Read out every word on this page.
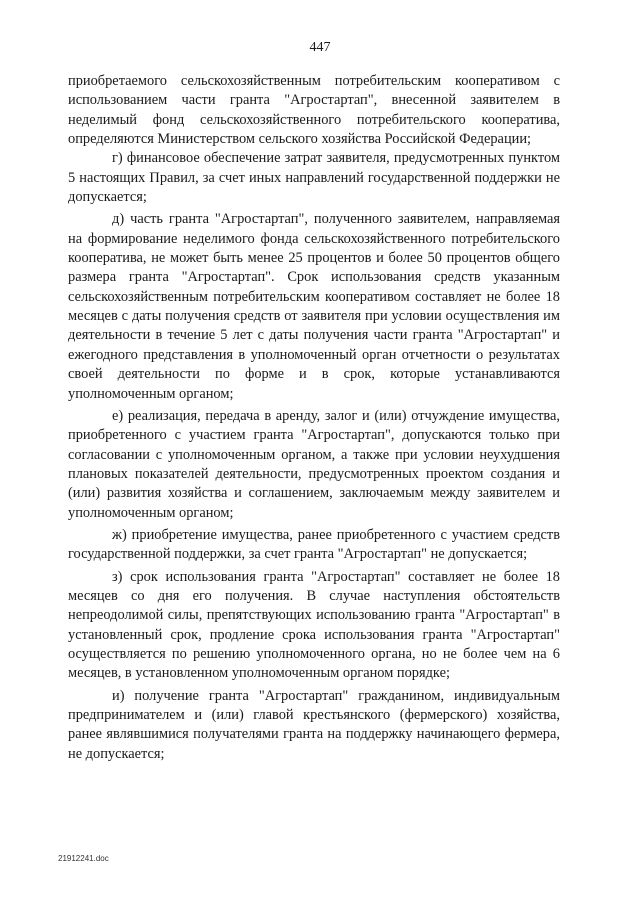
447

приобретаемого сельскохозяйственным потребительским кооперативом с использованием части гранта "Агростартап", внесенной заявителем в неделимый фонд сельскохозяйственного потребительского кооператива, определяются Министерством сельского хозяйства Российской Федерации;

г) финансовое обеспечение затрат заявителя, предусмотренных пунктом 5 настоящих Правил, за счет иных направлений государственной поддержки не допускается;

д) часть гранта "Агростартап", полученного заявителем, направляемая на формирование неделимого фонда сельскохозяйственного потребительского кооператива, не может быть менее 25 процентов и более 50 процентов общего размера гранта "Агростартап". Срок использования средств указанным сельскохозяйственным потребительским кооперативом составляет не более 18 месяцев с даты получения средств от заявителя при условии осуществления им деятельности в течение 5 лет с даты получения части гранта "Агростартап" и ежегодного представления в уполномоченный орган отчетности о результатах своей деятельности по форме и в срок, которые устанавливаются уполномоченным органом;

е) реализация, передача в аренду, залог и (или) отчуждение имущества, приобретенного с участием гранта "Агростартап", допускаются только при согласовании с уполномоченным органом, а также при условии неухудшения плановых показателей деятельности, предусмотренных проектом создания и (или) развития хозяйства и соглашением, заключаемым между заявителем и уполномоченным органом;

ж) приобретение имущества, ранее приобретенного с участием средств государственной поддержки, за счет гранта "Агростартап" не допускается;

з) срок использования гранта "Агростартап" составляет не более 18 месяцев со дня его получения. В случае наступления обстоятельств непреодолимой силы, препятствующих использованию гранта "Агростартап" в установленный срок, продление срока использования гранта "Агростартап" осуществляется по решению уполномоченного органа, но не более чем на 6 месяцев, в установленном уполномоченным органом порядке;

и) получение гранта "Агростартап" гражданином, индивидуальным предпринимателем и (или) главой крестьянского (фермерского) хозяйства, ранее являвшимися получателями гранта на поддержку начинающего фермера, не допускается;

21912241.doc
